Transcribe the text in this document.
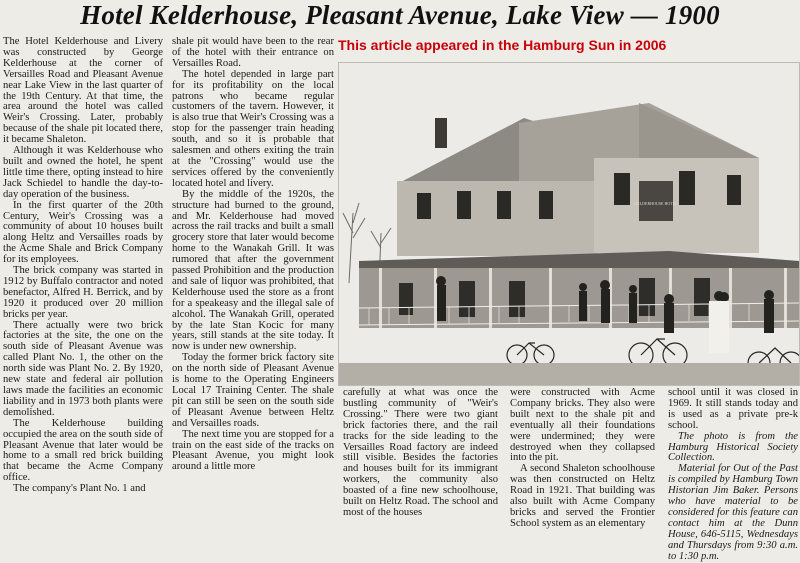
Hotel Kelderhouse, Pleasant Avenue, Lake View — 1900
This article appeared in the Hamburg Sun in 2006

The Hotel Kelderhouse and Livery was constructed by George Kelderhouse at the corner of Versailles Road and Pleasant Avenue near Lake View in the last quarter of the 19th Century. At that time, the area around the hotel was called Weir's Crossing. Later, probably because of the shale pit located there, it became Shaleton.

Although it was Kelderhouse who built and owned the hotel, he spent little time there, opting instead to hire Jack Schiedel to handle the day-to-day operation of the business.

In the first quarter of the 20th Century, Weir's Crossing was a community of about 10 houses built along Heltz and Versailles roads by the Acme Shale and Brick Company for its employees.

The brick company was started in 1912 by Buffalo contractor and noted benefactor, Alfred H. Berrick, and by 1920 it produced over 20 million bricks per year.

There actually were two brick factories at the site, the one on the south side of Pleasant Avenue was called Plant No. 1, the other on the north side was Plant No. 2. By 1920, new state and federal air pollution laws made the facilities an economic liability and in 1973 both plants were demolished.

The Kelderhouse building occupied the area on the south side of Pleasant Avenue that later would be home to a small red brick building that became the Acme Company office.

The company's Plant No. 1 and

shale pit would have been to the rear of the hotel with their entrance on Versailles Road.

The hotel depended in large part for its profitability on the local patrons who became regular customers of the tavern. However, it is also true that Weir's Crossing was a stop for the passenger train heading south, and so it is probable that salesmen and others exiting the train at the "Crossing" would use the services offered by the conveniently located hotel and livery.

By the middle of the 1920s, the structure had burned to the ground, and Mr. Kelderhouse had moved across the rail tracks and built a small grocery store that later would become home to the Wanakah Grill. It was rumored that after the government passed Prohibition and the production and sale of liquor was prohibited, that Kelderhouse used the store as a front for a speakeasy and the illegal sale of alcohol. The Wanakah Grill, operated by the late Stan Kocic for many years, still stands at the site today. It now is under new ownership.

Today the former brick factory site on the north side of Pleasant Avenue is home to the Operating Engineers Local 17 Training Center. The shale pit can still be seen on the south side of Pleasant Avenue between Heltz and Versailles roads.

The next time you are stopped for a train on the east side of the tracks on Pleasant Avenue, you might look around a little more

KELDERHOUSE HOTEL

carefully at what was once the bustling community of "Weir's Crossing." There were two giant brick factories there, and the rail tracks for the side leading to the Versailles Road factory are indeed still visible. Besides the factories and houses built for its immigrant workers, the community also boasted of a fine new schoolhouse, built on Heltz Road. The school and most of the houses

were constructed with Acme Company bricks. They also were built next to the shale pit and eventually all their foundations were undermined; they were destroyed when they collapsed into the pit.

A second Shaleton schoolhouse was then constructed on Heltz Road in 1921. That building was also built with Acme Company bricks and served the Frontier School system as an elementary

school until it was closed in 1969. It still stands today and is used as a private pre-k school.

The photo is from the Hamburg Historical Society Collection.

Material for Out of the Past is compiled by Hamburg Town Historian Jim Baker. Persons who have material to be considered for this feature can contact him at the Dunn House, 646-5115, Wednesdays and Thursdays from 9:30 a.m. to 1:30 p.m.
